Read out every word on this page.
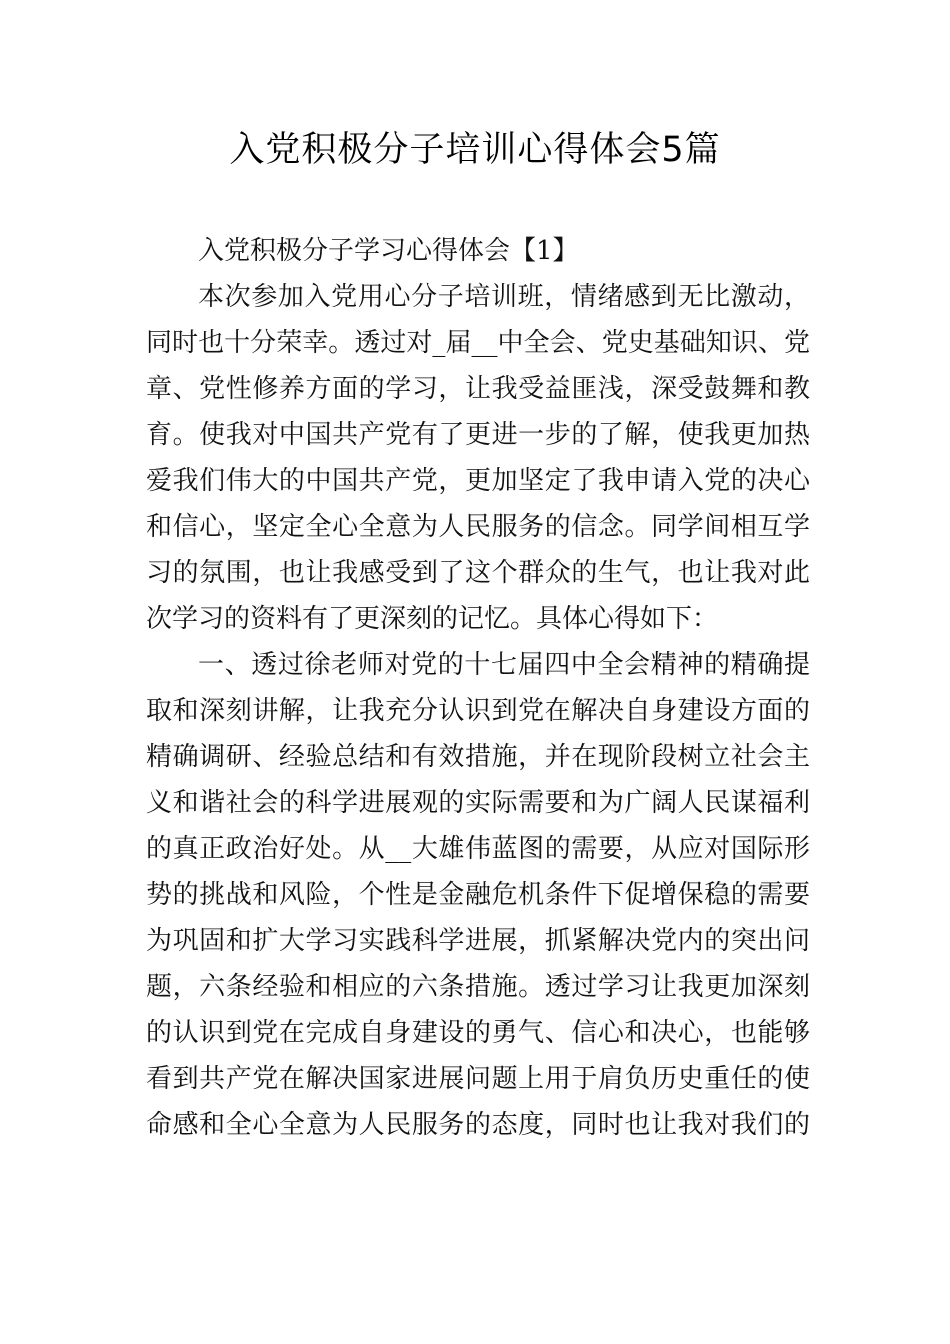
入党积极分子培训心得体会5篇
入党积极分子学习心得体会【1】
本次参加入党用心分子培训班，情绪感到无比激动，
同时也十分荣幸。透过对_届__中全会、党史基础知识、党
章、党性修养方面的学习，让我受益匪浅，深受鼓舞和教
育。使我对中国共产党有了更进一步的了解，使我更加热
爱我们伟大的中国共产党，更加坚定了我申请入党的决心
和信心，坚定全心全意为人民服务的信念。同学间相互学
习的氛围，也让我感受到了这个群众的生气，也让我对此
次学习的资料有了更深刻的记忆。具体心得如下：
一、透过徐老师对党的十七届四中全会精神的精确提
取和深刻讲解，让我充分认识到党在解决自身建设方面的
精确调研、经验总结和有效措施，并在现阶段树立社会主
义和谐社会的科学进展观的实际需要和为广阔人民谋福利
的真正政治好处。从__大雄伟蓝图的需要，从应对国际形
势的挑战和风险，个性是金融危机条件下促增保稳的需要
为巩固和扩大学习实践科学进展，抓紧解决党内的突出问
题，六条经验和相应的六条措施。透过学习让我更加深刻
的认识到党在完成自身建设的勇气、信心和决心，也能够
看到共产党在解决国家进展问题上用于肩负历史重任的使
命感和全心全意为人民服务的态度，同时也让我对我们的
